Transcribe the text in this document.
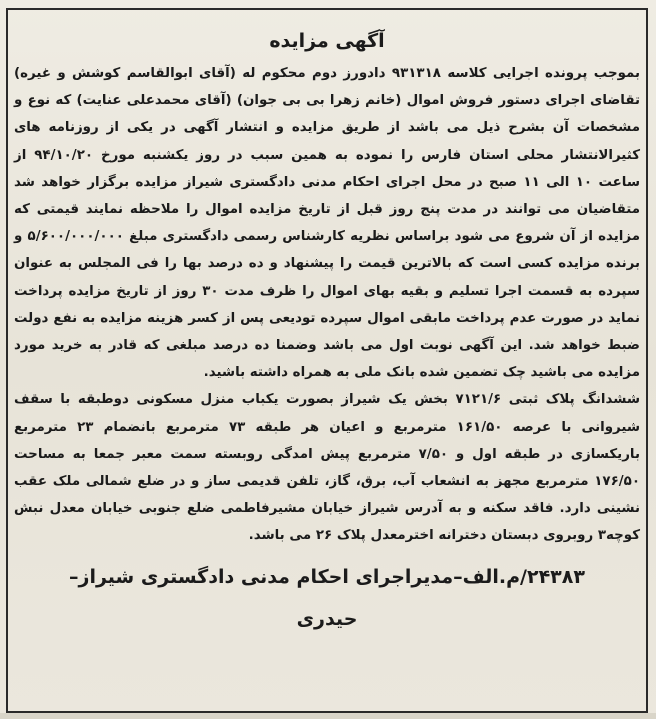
آگهی مزایده

بموجب پرونده اجرایی کلاسه ۹۳۱۳۱۸ دادورز دوم محکوم له (آقای ابوالقاسم کوشش و غیره) تقاضای اجرای دستور فروش اموال (خانم زهرا بی بی جوان) (آقای محمدعلی عنایت) که نوع و مشخصات آن بشرح ذیل می باشد از طریق مزایده و انتشار آگهی در یکی از روزنامه های کثیرالانتشار محلی استان فارس را نموده به همین سبب در روز یکشنبه مورخ ۹۴/۱۰/۲۰ از ساعت ۱۰ الی ۱۱ صبح در محل اجرای احکام مدنی دادگستری شیراز مزایده برگزار خواهد شد متقاضیان می توانند در مدت پنج روز قبل از تاریخ مزایده اموال را ملاحظه نمایند قیمتی که مزایده از آن شروع می شود براساس نظریه کارشناس رسمی دادگستری مبلغ ۵/۶۰۰/۰۰۰/۰۰۰ و برنده مزایده کسی است که بالاترین قیمت را پیشنهاد و ده درصد بها را فی المجلس به عنوان سپرده به قسمت اجرا تسلیم و بقیه بهای اموال را ظرف مدت ۳۰ روز از تاریخ مزایده پرداخت نماید در صورت عدم پرداخت مابقی اموال سپرده تودیعی پس از کسر هزینه مزایده به نفع دولت ضبط خواهد شد. این آگهی نوبت اول می باشد وضمنا ده درصد مبلغی که قادر به خرید مورد مزایده می باشید چک تضمین شده بانک ملی به همراه داشته باشید.

ششدانگ پلاک ثبتی ۷۱۲۱/۶ بخش یک شیراز بصورت یکباب منزل مسکونی دوطبقه با سقف شیروانی با عرصه ۱۶۱/۵۰ مترمربع و اعیان هر طبقه ۷۳ مترمربع بانضمام ۲۳ مترمربع باریکسازی در طبقه اول و ۷/۵۰ مترمربع پیش امدگی روبسته سمت معبر جمعا به مساحت ۱۷۶/۵۰ مترمربع مجهز به انشعاب آب، برق، گاز، تلفن قدیمی ساز و در ضلع شمالی ملک عقب نشینی دارد. فاقد سکنه و به آدرس شیراز خیابان مشیرفاطمی ضلع جنوبی خیابان معدل نبش کوچه۳ روبروی دبستان دخترانه اخترمعدل پلاک ۲۶ می باشد.

۲۴۳۸۳/م.الف–مدیراجرای احکام مدنی دادگستری شیراز–
حیدری
